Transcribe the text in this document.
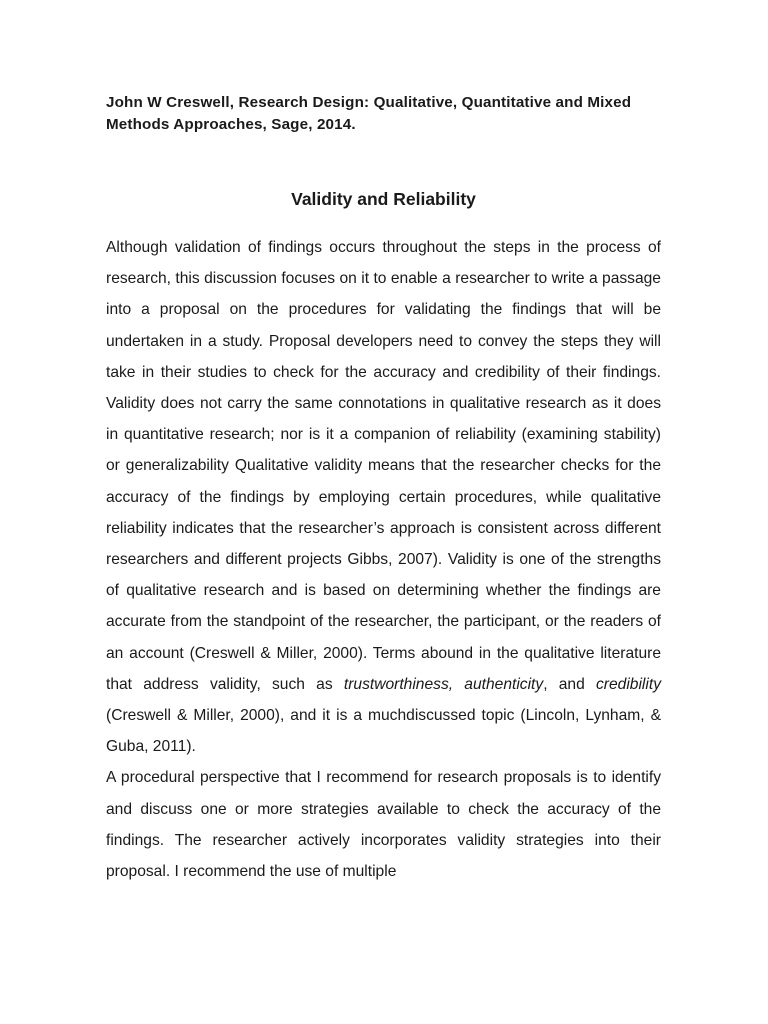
John W Creswell, Research Design: Qualitative, Quantitative and Mixed Methods Approaches, Sage, 2014.

Validity and Reliability

Although validation of findings occurs throughout the steps in the process of research, this discussion focuses on it to enable a researcher to write a passage into a proposal on the procedures for validating the findings that will be undertaken in a study. Proposal developers need to convey the steps they will take in their studies to check for the accuracy and credibility of their findings. Validity does not carry the same connotations in qualitative research as it does in quantitative research; nor is it a companion of reliability (examining stability) or generalizability Qualitative validity means that the researcher checks for the accuracy of the findings by employing certain procedures, while qualitative reliability indicates that the researcher’s approach is consistent across different researchers and different projects Gibbs, 2007). Validity is one of the strengths of qualitative research and is based on determining whether the findings are accurate from the standpoint of the researcher, the participant, or the readers of an account (Creswell & Miller, 2000). Terms abound in the qualitative literature that address validity, such as trustworthiness, authenticity, and credibility (Creswell & Miller, 2000), and it is a muchdiscussed topic (Lincoln, Lynham, & Guba, 2011).

A procedural perspective that I recommend for research proposals is to identify and discuss one or more strategies available to check the accuracy of the findings. The researcher actively incorporates validity strategies into their proposal. I recommend the use of multiple
